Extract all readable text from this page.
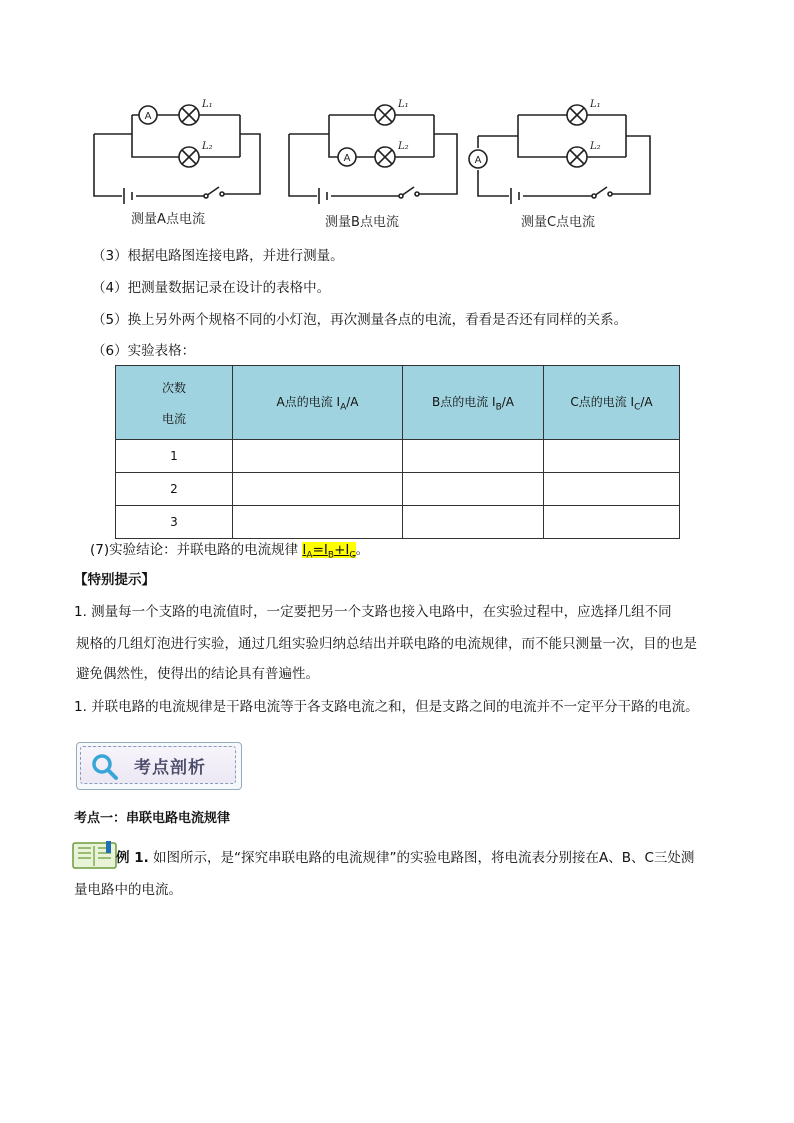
A
A	A
L₁
L₂
L₁
L₂
L₁
L₂
测量A点电流	测量B点电流	测量C点电流
（3）根据电路图连接电路，并进行测量。
（4）把测量数据记录在设计的表格中。
（5）换上另外两个规格不同的小灯泡，再次测量各点的电流，看看是否还有同样的关系。
（6）实验表格：
次数
电流	A点的电流 $I_A/A$	B点的电流 $I_B/A$	C点的电流 $I_C/A$
1			
2			
3			
(7)实验结论：并联电路的电流规律 $I_A=I_B+I_C$。
【特别提示】
1. 测量每一个支路的电流值时，一定要把另一个支路也接入电路中，在实验过程中，应选择几组不同
规格的几组灯泡进行实验，通过几组实验归纳总结出并联电路的电流规律，而不能只测量一次，目的也是
避免偶然性，使得出的结论具有普遍性。
1. 并联电路的电流规律是干路电流等于各支路电流之和，但是支路之间的电流并不一定平分干路的电流。
考点剖析
考点一：串联电路电流规律
例 1. 如图所示，是“探究串联电路的电流规律”的实验电路图，将电流表分别接在A、B、C三处测
量电路中的电流。
